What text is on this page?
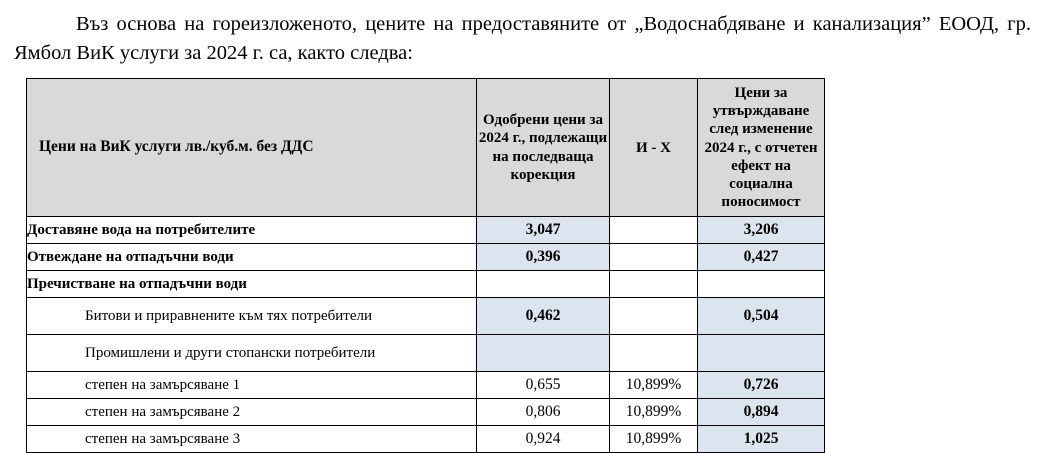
Въз основа на гореизложеното, цените на предоставяните от „Водоснабдяване и канализация” ЕООД, гр. Ямбол ВиК услуги за 2024 г. са, както следва:

Цени на ВиК услуги лв./куб.м. без ДДС	Одобрени цени за 2024 г., подлежащи на последваща корекция	И - Х	Цени за утвърждаване след изменение 2024 г., с отчетен ефект на социална поносимост
Доставяне вода на потребителите	3,047		3,206
Отвеждане на отпадъчни води	0,396		0,427
Пречистване на отпадъчни води			
Битови и приравнените към тях потребители	0,462		0,504
Промишлени и други стопански потребители			
степен на замърсяване 1	0,655	10,899%	0,726
степен на замърсяване 2	0,806	10,899%	0,894
степен на замърсяване 3	0,924	10,899%	1,025
